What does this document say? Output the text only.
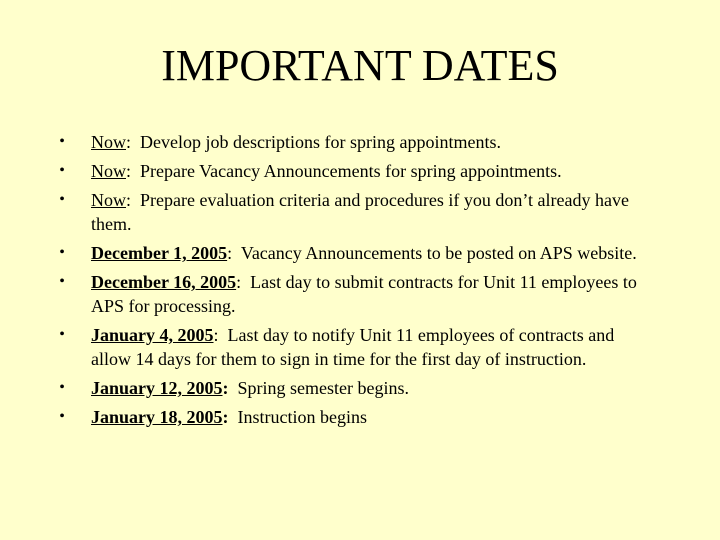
IMPORTANT DATES
• Now:  Develop job descriptions for spring appointments.
• Now:  Prepare Vacancy Announcements for spring appointments.
• Now:  Prepare evaluation criteria and procedures if you don’t already have them.
• December 1, 2005:  Vacancy Announcements to be posted on APS website.
• December 16, 2005:  Last day to submit contracts for Unit 11 employees to APS for processing.
• January 4, 2005:  Last day to notify Unit 11 employees of contracts and allow 14 days for them to sign in time for the first day of instruction.
• January 12, 2005:  Spring semester begins.
• January 18, 2005:  Instruction begins
